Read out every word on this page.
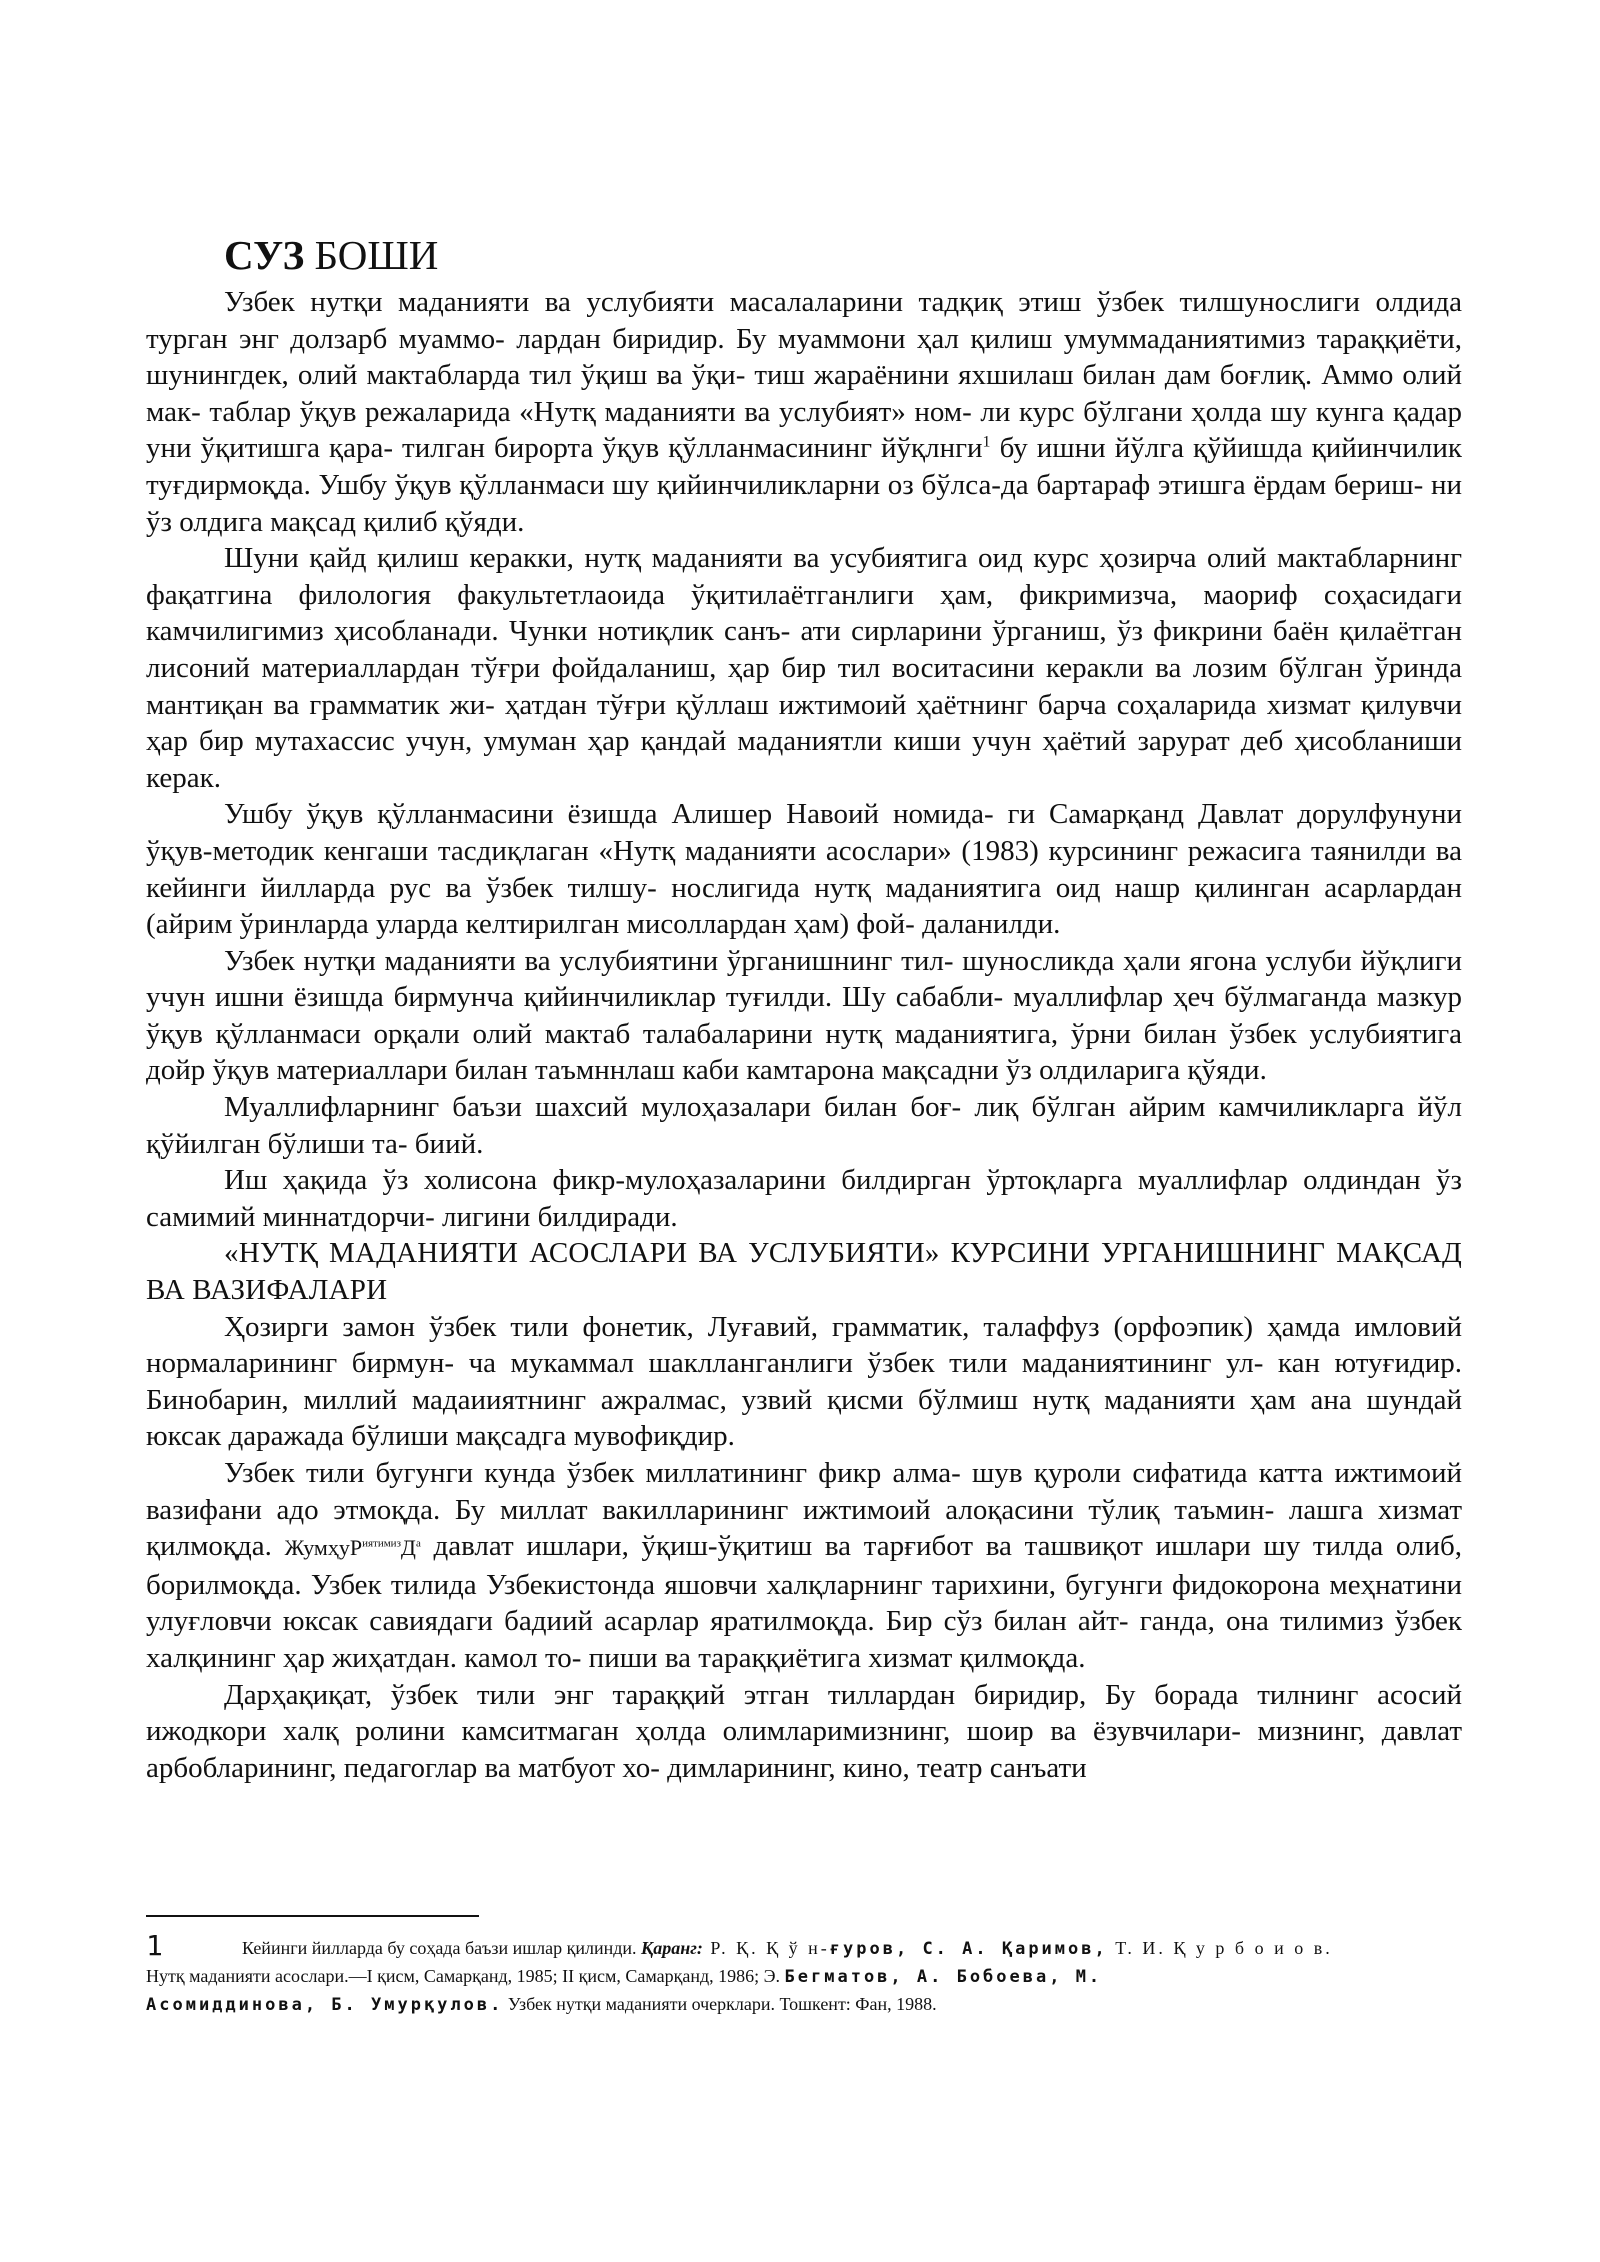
СУЗ БОШИ

Узбек нутқи маданияти ва услубияти масалаларини тадқиқ этиш ўзбек тилшунослиги олдида турган энг долзарб муаммо- лардан биридир. Бу муаммони ҳал қилиш умуммаданиятимиз тараққиёти, шунингдек, олий мактабларда тил ўқиш ва ўқи- тиш жараёнини яхшилаш билан дам боғлиқ. Аммо олий мак- таблар ўқув режаларида «Нутқ маданияти ва услубият» ном- ли курс бўлгани ҳолда шу кунга қадар уни ўқитишга қара- тилган бирорта ўқув қўлланмасининг йўқлнги$^1$ бу ишни йўлга қўйишда қийинчилик туғдирмоқда. Ушбу ўқув қўлланмаси шу қийинчиликларни оз бўлса-да бартараф этишга ёрдам бериш- ни ўз олдига мақсад қилиб қўяди.

Шуни қайд қилиш керакки, нутқ маданияти ва усубиятига оид курс ҳозирча олий мактабларнинг фақатгина филология факультетлаоида ўқитилаётганлиги ҳам, фикримизча, маориф соҳасидаги камчилигимиз ҳисобланади. Чунки нотиқлик санъ- ати сирларини ўрганиш, ўз фикрини баён қилаётган лисоний материаллардан тўғри фойдаланиш, ҳар бир тил воситасини керакли ва лозим бўлган ўринда мантиқан ва грамматик жи- ҳатдан тўғри қўллаш ижтимоий ҳаётнинг барча соҳаларида хизмат қилувчи ҳар бир мутахассис учун, умуман ҳар қандай маданиятли киши учун ҳаётий зарурат деб ҳисобланиши керак.

Ушбу ўқув қўлланмасини ёзишда Алишер Навоий номида- ги Самарқанд Давлат дорулфунуни ўқув-методик кенгаши тасдиқлаган «Нутқ маданияти асослари» (1983) курсининг режасига таянилди ва кейинги йилларда рус ва ўзбек тилшу- нослигида нутқ маданиятига оид нашр қилинган асарлардан (айрим ўринларда уларда келтирилган мисоллардан ҳам) фой- даланилди.

Узбек нутқи маданияти ва услубиятини ўрганишнинг тил- шуносликда ҳали ягона услуби йўқлиги учун ишни ёзишда бирмунча қийинчиликлар туғилди. Шу сабабли- муаллифлар ҳеч бўлмаганда мазкур ўқув қўлланмаси орқали олий мактаб талабаларини нутқ маданиятига, ўрни билан ўзбек услубиятига дойр ўқув материаллари билан таъмннлаш каби камтарона мақсадни ўз олдиларига қўяди.

Муаллифларнинг баъзи шахсий мулоҳазалари билан боғ- лиқ бўлган айрим камчиликларга йўл қўйилган бўлиши та- биий.

Иш ҳақида ўз холисона фикр-мулоҳазаларини билдирган ўртоқларга муаллифлар олдиндан ўз самимий миннатдорчи- лигини билдиради.

«НУТҚ МАДАНИЯТИ АСОСЛАРИ ВА УСЛУБИЯТИ» КУРСИНИ УРГАНИШНИНГ МАҚСАД ВА ВАЗИФАЛАРИ

Ҳозирги замон ўзбек тили фонетик, Луғавий, грамматик, талаффуз (орфоэпик) ҳамда имловий нормаларининг бирмун- ча мукаммал шаклланганлиги ўзбек тили маданиятининг ул- кан ютуғидир. Бинобарин, миллий мадаииятнинг ажралмас, узвий қисми бўлмиш нутқ маданияти ҳам ана шундай юксак даражада бўлиши мақсадга мувофиқдир.

Узбек тили бугунги кунда ўзбек миллатининг фикр алма- шув қуроли сифатида катта ижтимоий вазифани адо этмоқда. Бу миллат вакилларининг ижтимоий алоқасини тўлиқ таъмин- лашга хизмат қилмоқда. $ЖумҳуР^{иятимиз}Д^а$ давлат ишлари, ўқиш-ўқитиш ва тарғибот ва ташвиқот ишлари шу тилда олиб, борилмоқда. Узбек тилида Узбекистонда яшовчи халқларнинг тарихини, бугунги фидокорона меҳнатини улуғловчи юксак савиядаги бадиий асарлар яратилмоқда. Бир сўз билан айт- ганда, она тилимиз ўзбек халқининг ҳар жиҳатдан. камол то- пиши ва тараққиётига хизмат қилмоқда.

Дарҳақиқат, ўзбек тили энг тараққий этган тиллардан биридир, Бу борада тилнинг асосий ижодкори халқ ролини камситмаган ҳолда олимларимизнинг, шоир ва ёзувчилари- мизнинг, давлат арбобларининг, педагоглар ва матбуот хо- димларининг, кино, театр санъати

1	Кейинги йилларда бу соҳада баъзи ишлар қилинди. Қаранг: Р. Қ. Қ ў н-ғуров, С. А. Қаримов, Т. И. Қ у р б о и о в.
Нутқ маданияти асослари.—I қисм, Самарқанд, 1985; II қисм, Самарқанд, 1986; Э. Бегматов, А. Бобоева, М.
Асомиддинова, Б. Умурқулов. Узбек нутқи маданияти очерклари. Тошкент: Фан, 1988.
